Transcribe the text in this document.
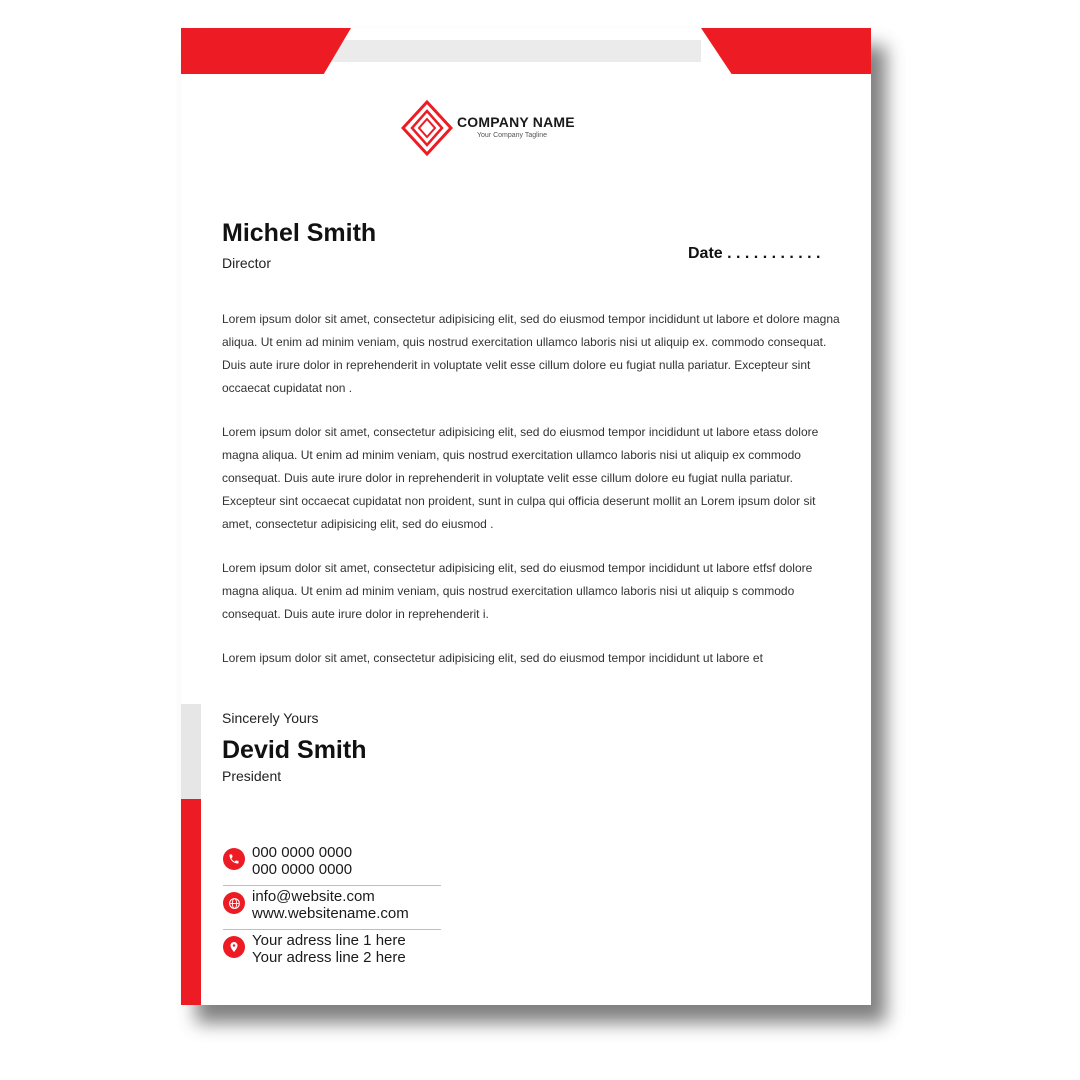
COMPANY NAME
Your Company Tagline
Michel Smith
Director
Date . . . . . . . . . . .

Lorem ipsum dolor sit amet, consectetur adipisicing elit, sed do eiusmod tempor incididunt ut labore et dolore magna aliqua. Ut enim ad minim veniam, quis nostrud exercitation ullamco laboris nisi ut aliquip ex. commodo consequat. Duis aute irure dolor in reprehenderit in voluptate velit esse cillum dolore eu fugiat nulla pariatur. Excepteur sint occaecat cupidatat non .

Lorem ipsum dolor sit amet, consectetur adipisicing elit, sed do eiusmod tempor incididunt ut labore etass dolore magna aliqua. Ut enim ad minim veniam, quis nostrud exercitation ullamco laboris nisi ut aliquip ex commodo consequat. Duis aute irure dolor in reprehenderit in voluptate velit esse cillum dolore eu fugiat nulla pariatur. Excepteur sint occaecat cupidatat non proident, sunt in culpa qui officia deserunt mollit an Lorem ipsum dolor sit amet, consectetur adipisicing elit, sed do eiusmod .

Lorem ipsum dolor sit amet, consectetur adipisicing elit, sed do eiusmod tempor incididunt ut labore etfsf dolore magna aliqua. Ut enim ad minim veniam, quis nostrud exercitation ullamco laboris nisi ut aliquip s commodo consequat. Duis aute irure dolor in reprehenderit i.

Lorem ipsum dolor sit amet, consectetur adipisicing elit, sed do eiusmod tempor incididunt ut labore et

Sincerely Yours
Devid Smith
President
000 0000 0000
000 0000 0000
info@website.com
www.websitename.com
Your adress line 1 here
Your adress line 2 here
